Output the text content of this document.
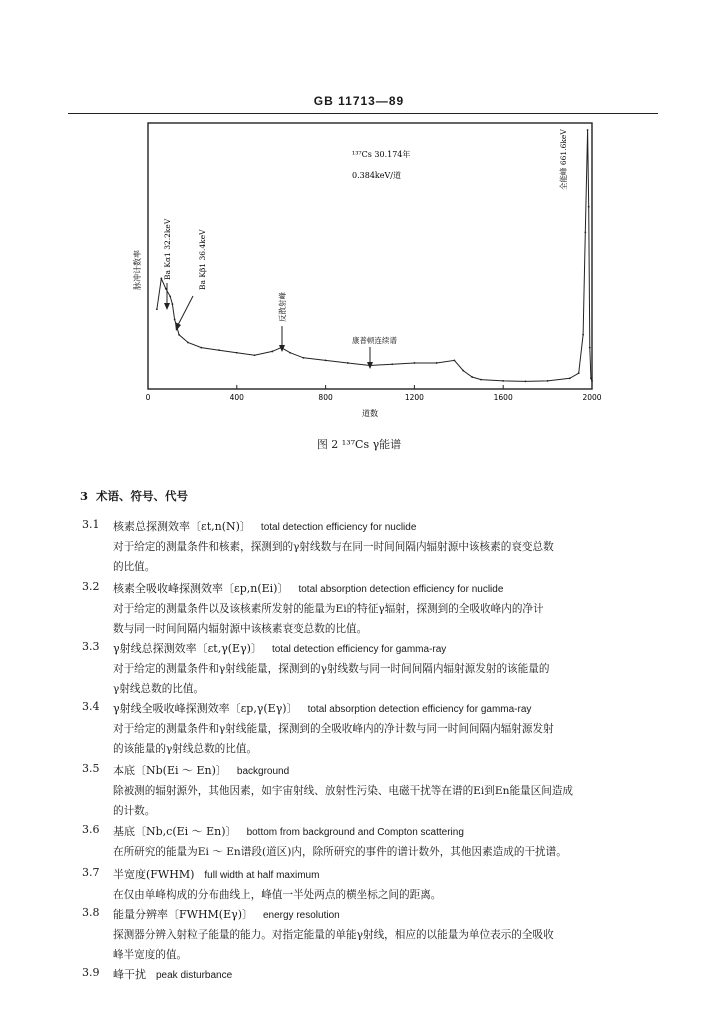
GB 11713—89
0	400	800	1200	1600	2000
¹³⁷Cs 30.174年
0.384keV/道
脉冲计数率
道数
Ba Kα1 32.2keV	Ba Kβ1 36.4keV
反散射峰
康普顿连续谱
全能峰 661.6keV
图 2 ¹³⁷Cs γ能谱
3 术语、符号、代号
3.1 核素总探测效率〔εt,n(N)〕 total detection efficiency for nuclide
对于给定的测量条件和核素，探测到的γ射线数与在同一时间间隔内辐射源中该核素的衰变总数
的比值。
3.2 核素全吸收峰探测效率〔εp,n(Ei)〕 total absorption detection efficiency for nuclide
对于给定的测量条件以及该核素所发射的能量为Ei的特征γ辐射，探测到的全吸收峰内的净计
数与同一时间间隔内辐射源中该核素衰变总数的比值。
3.3 γ射线总探测效率〔εt,γ(Eγ)〕 total detection efficiency for gamma-ray
对于给定的测量条件和γ射线能量，探测到的γ射线数与同一时间间隔内辐射源发射的该能量的
γ射线总数的比值。
3.4 γ射线全吸收峰探测效率〔εp,γ(Eγ)〕 total absorption detection efficiency for gamma-ray
对于给定的测量条件和γ射线能量，探测到的全吸收峰内的净计数与同一时间间隔内辐射源发射
的该能量的γ射线总数的比值。
3.5 本底〔Nb(Ei ～ En)〕 background
除被测的辐射源外，其他因素，如宇宙射线、放射性污染、电磁干扰等在谱的Ei到En能量区间造成
的计数。
3.6 基底〔Nb,c(Ei ～ En)〕 bottom from background and Compton scattering
在所研究的能量为Ei ～ En谱段(道区)内，除所研究的事件的谱计数外，其他因素造成的干扰谱。
3.7 半宽度(FWHM) full width at half maximum
在仅由单峰构成的分布曲线上，峰值一半处两点的横坐标之间的距离。
3.8 能量分辨率〔FWHM(Eγ)〕 energy resolution
探测器分辨入射粒子能量的能力。对指定能量的单能γ射线，相应的以能量为单位表示的全吸收
峰半宽度的值。
3.9 峰干扰 peak disturbance
